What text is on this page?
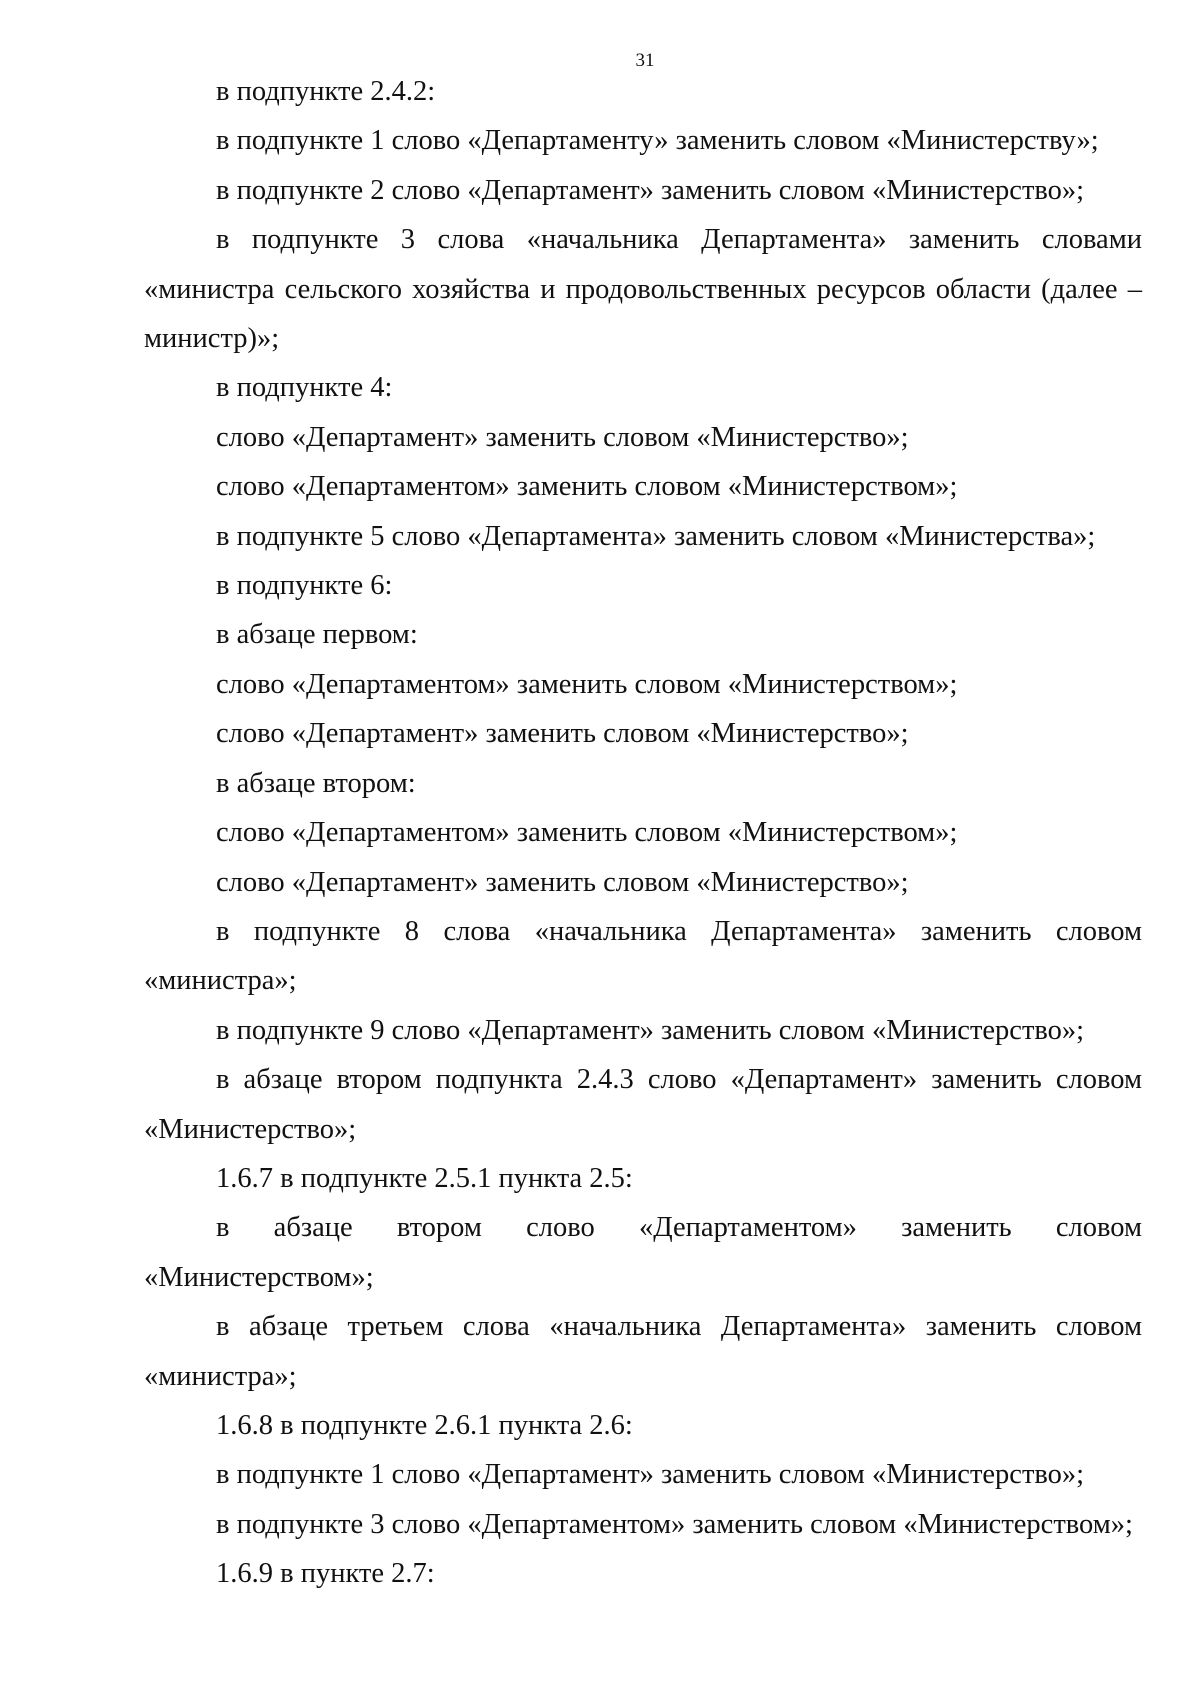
31

в подпункте 2.4.2:

в подпункте 1 слово «Департаменту» заменить словом «Министерству»;

в подпункте 2 слово «Департамент» заменить словом «Министерство»;

в подпункте 3 слова «начальника Департамента» заменить словами «министра сельского хозяйства и продовольственных ресурсов области (далее – министр)»;

в подпункте 4:

слово «Департамент» заменить словом «Министерство»;

слово «Департаментом» заменить словом «Министерством»;

в подпункте 5 слово «Департамента» заменить словом «Министерства»;

в подпункте 6:

в абзаце первом:

слово «Департаментом» заменить словом «Министерством»;

слово «Департамент» заменить словом «Министерство»;

в абзаце втором:

слово «Департаментом» заменить словом «Министерством»;

слово «Департамент» заменить словом «Министерство»;

в подпункте 8 слова «начальника Департамента» заменить словом «министра»;

в подпункте 9 слово «Департамент» заменить словом «Министерство»;

в абзаце втором подпункта 2.4.3 слово «Департамент» заменить словом «Министерство»;

1.6.7 в подпункте 2.5.1 пункта 2.5:

в абзаце втором слово «Департаментом» заменить словом «Министерством»;

в абзаце третьем слова «начальника Департамента» заменить словом «министра»;

1.6.8 в подпункте 2.6.1 пункта 2.6:

в подпункте 1 слово «Департамент» заменить словом «Министерство»;

в подпункте 3 слово «Департаментом» заменить словом «Министерством»;

1.6.9 в пункте 2.7:
